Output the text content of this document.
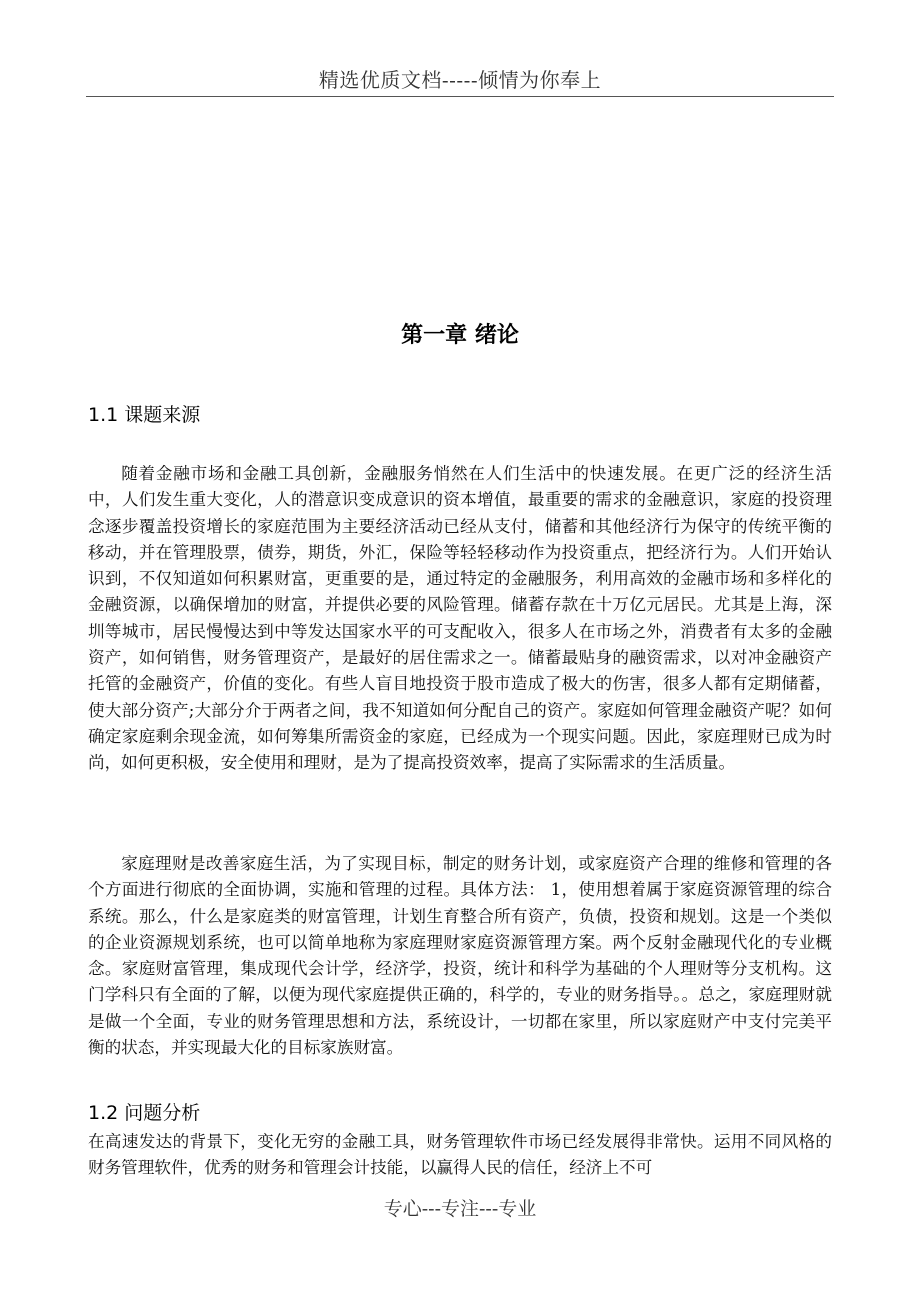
精选优质文档-----倾情为你奉上
第一章 绪论
1.1 课题来源

随着金融市场和金融工具创新，金融服务悄然在人们生活中的快速发展。在更广泛的经济生活中，人们发生重大变化，人的潜意识变成意识的资本增值，最重要的需求的金融意识，家庭的投资理念逐步覆盖投资增长的家庭范围为主要经济活动已经从支付，储蓄和其他经济行为保守的传统平衡的移动，并在管理股票，债券，期货，外汇，保险等轻轻移动作为投资重点，把经济行为。人们开始认识到，不仅知道如何积累财富，更重要的是，通过特定的金融服务，利用高效的金融市场和多样化的金融资源，以确保增加的财富，并提供必要的风险管理。储蓄存款在十万亿元居民。尤其是上海，深圳等城市，居民慢慢达到中等发达国家水平的可支配收入，很多人在市场之外，消费者有太多的金融资产，如何销售，财务管理资产，是最好的居住需求之一。储蓄最贴身的融资需求，以对冲金融资产托管的金融资产，价值的变化。有些人盲目地投资于股市造成了极大的伤害，很多人都有定期储蓄，使大部分资产;大部分介于两者之间，我不知道如何分配自己的资产。家庭如何管理金融资产呢？如何确定家庭剩余现金流，如何筹集所需资金的家庭，已经成为一个现实问题。因此，家庭理财已成为时尚，如何更积极，安全使用和理财，是为了提高投资效率，提高了实际需求的生活质量。

家庭理财是改善家庭生活，为了实现目标，制定的财务计划，或家庭资产合理的维修和管理的各个方面进行彻底的全面协调，实施和管理的过程。具体方法： 1，使用想着属于家庭资源管理的综合系统。那么，什么是家庭类的财富管理，计划生育整合所有资产，负债，投资和规划。这是一个类似的企业资源规划系统，也可以简单地称为家庭理财家庭资源管理方案。两个反射金融现代化的专业概念。家庭财富管理，集成现代会计学，经济学，投资，统计和科学为基础的个人理财等分支机构。这门学科只有全面的了解，以便为现代家庭提供正确的，科学的，专业的财务指导。。总之，家庭理财就是做一个全面，专业的财务管理思想和方法，系统设计，一切都在家里，所以家庭财产中支付完美平衡的状态，并实现最大化的目标家族财富。

1.2 问题分析

在高速发达的背景下，变化无穷的金融工具，财务管理软件市场已经发展得非常快。运用不同风格的财务管理软件，优秀的财务和管理会计技能，以赢得人民的信任，经济上不可

专心---专注---专业
